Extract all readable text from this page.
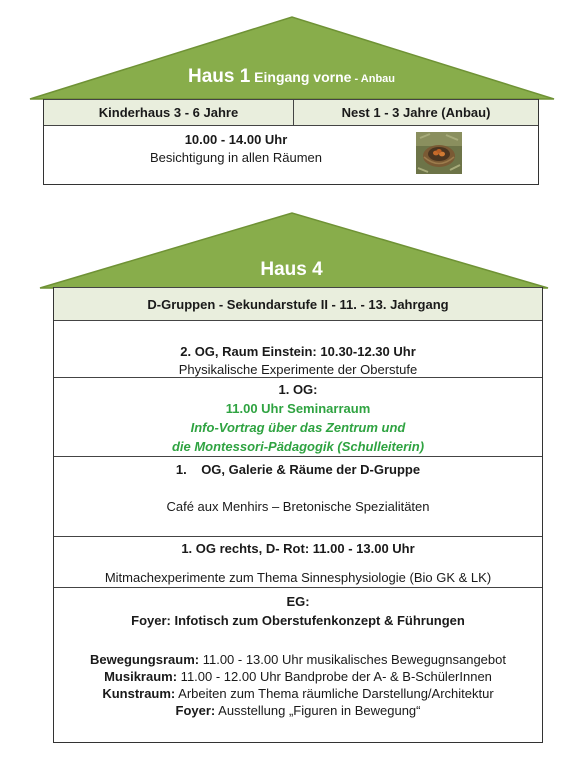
Haus 1 Eingang vorne - Anbau
Kinderhaus 3 - 6 Jahre	Nest 1 - 3 Jahre (Anbau)
10.00 - 14.00 Uhr
Besichtigung in allen Räumen
Haus 4
D-Gruppen - Sekundarstufe II - 11. - 13. Jahrgang
2. OG, Raum Einstein: 10.30-12.30 Uhr
Physikalische Experimente der Oberstufe
1. OG:
11.00 Uhr Seminarraum
Info-Vortrag über das Zentrum und
die Montessori-Pädagogik (Schulleiterin)
1.    OG, Galerie & Räume der D-Gruppe
Café aux Menhirs – Bretonische Spezialitäten
1. OG rechts, D- Rot: 11.00 - 13.00 Uhr
Mitmachexperimente zum Thema Sinnesphysiologie (Bio GK & LK)
EG:
Foyer: Infotisch zum Oberstufenkonzept & Führungen
Bewegungsraum: 11.00 - 13.00 Uhr musikalisches Bewegugnsangebot
Musikraum: 11.00 - 12.00 Uhr Bandprobe der A- & B-SchülerInnen
Kunstraum: Arbeiten zum Thema räumliche Darstellung/Architektur
Foyer: Ausstellung „Figuren in Bewegung“
